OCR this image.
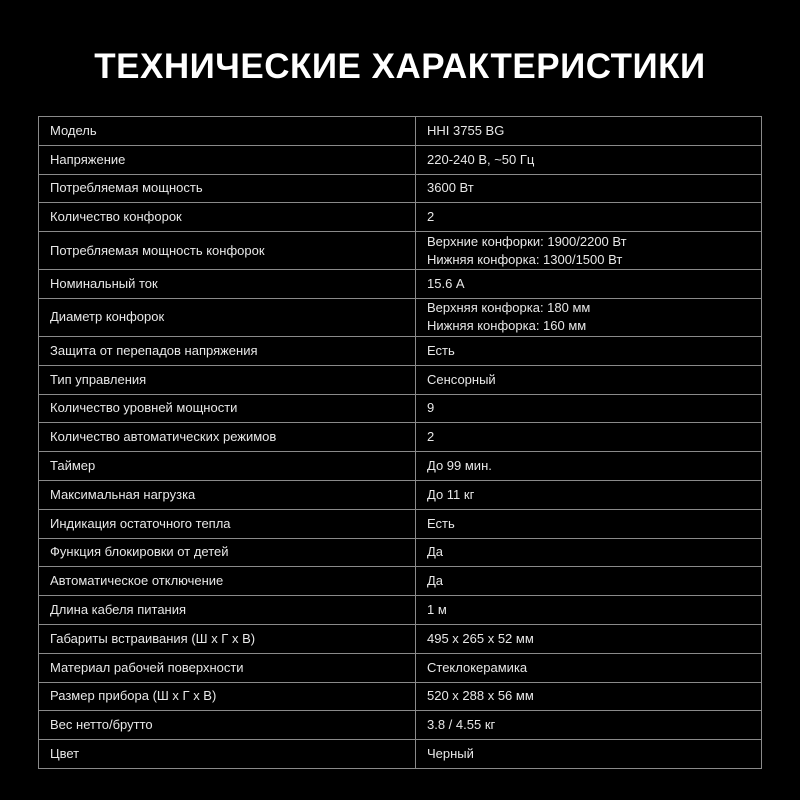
ТЕХНИЧЕСКИЕ ХАРАКТЕРИСТИКИ
Модель	HHI 3755 BG

Напряжение	220-240 В, ~50 Гц

Потребляемая мощность	3600 Вт

Количество конфорок	2

Потребляемая мощность конфорок	Верхние конфорки: 1900/2200 Вт
Нижняя конфорка: 1300/1500 Вт

Номинальный ток	15.6 А

Диаметр конфорок	Верхняя конфорка: 180 мм
Нижняя конфорка: 160 мм

Защита от перепадов напряжения	Есть

Тип управления	Сенсорный

Количество уровней мощности	9

Количество автоматических режимов	2

Таймер	До 99 мин.

Максимальная нагрузка	До 11 кг

Индикация остаточного тепла	Есть

Функция блокировки от детей	Да

Автоматическое отключение	Да

Длина кабеля питания	1 м

Габариты встраивания (Ш х Г х В)	495 х 265 х 52 мм

Материал рабочей поверхности	Стеклокерамика

Размер прибора (Ш х Г х В)	520 х 288 х 56 мм

Вес нетто/брутто	3.8 / 4.55 кг

Цвет	Черный
